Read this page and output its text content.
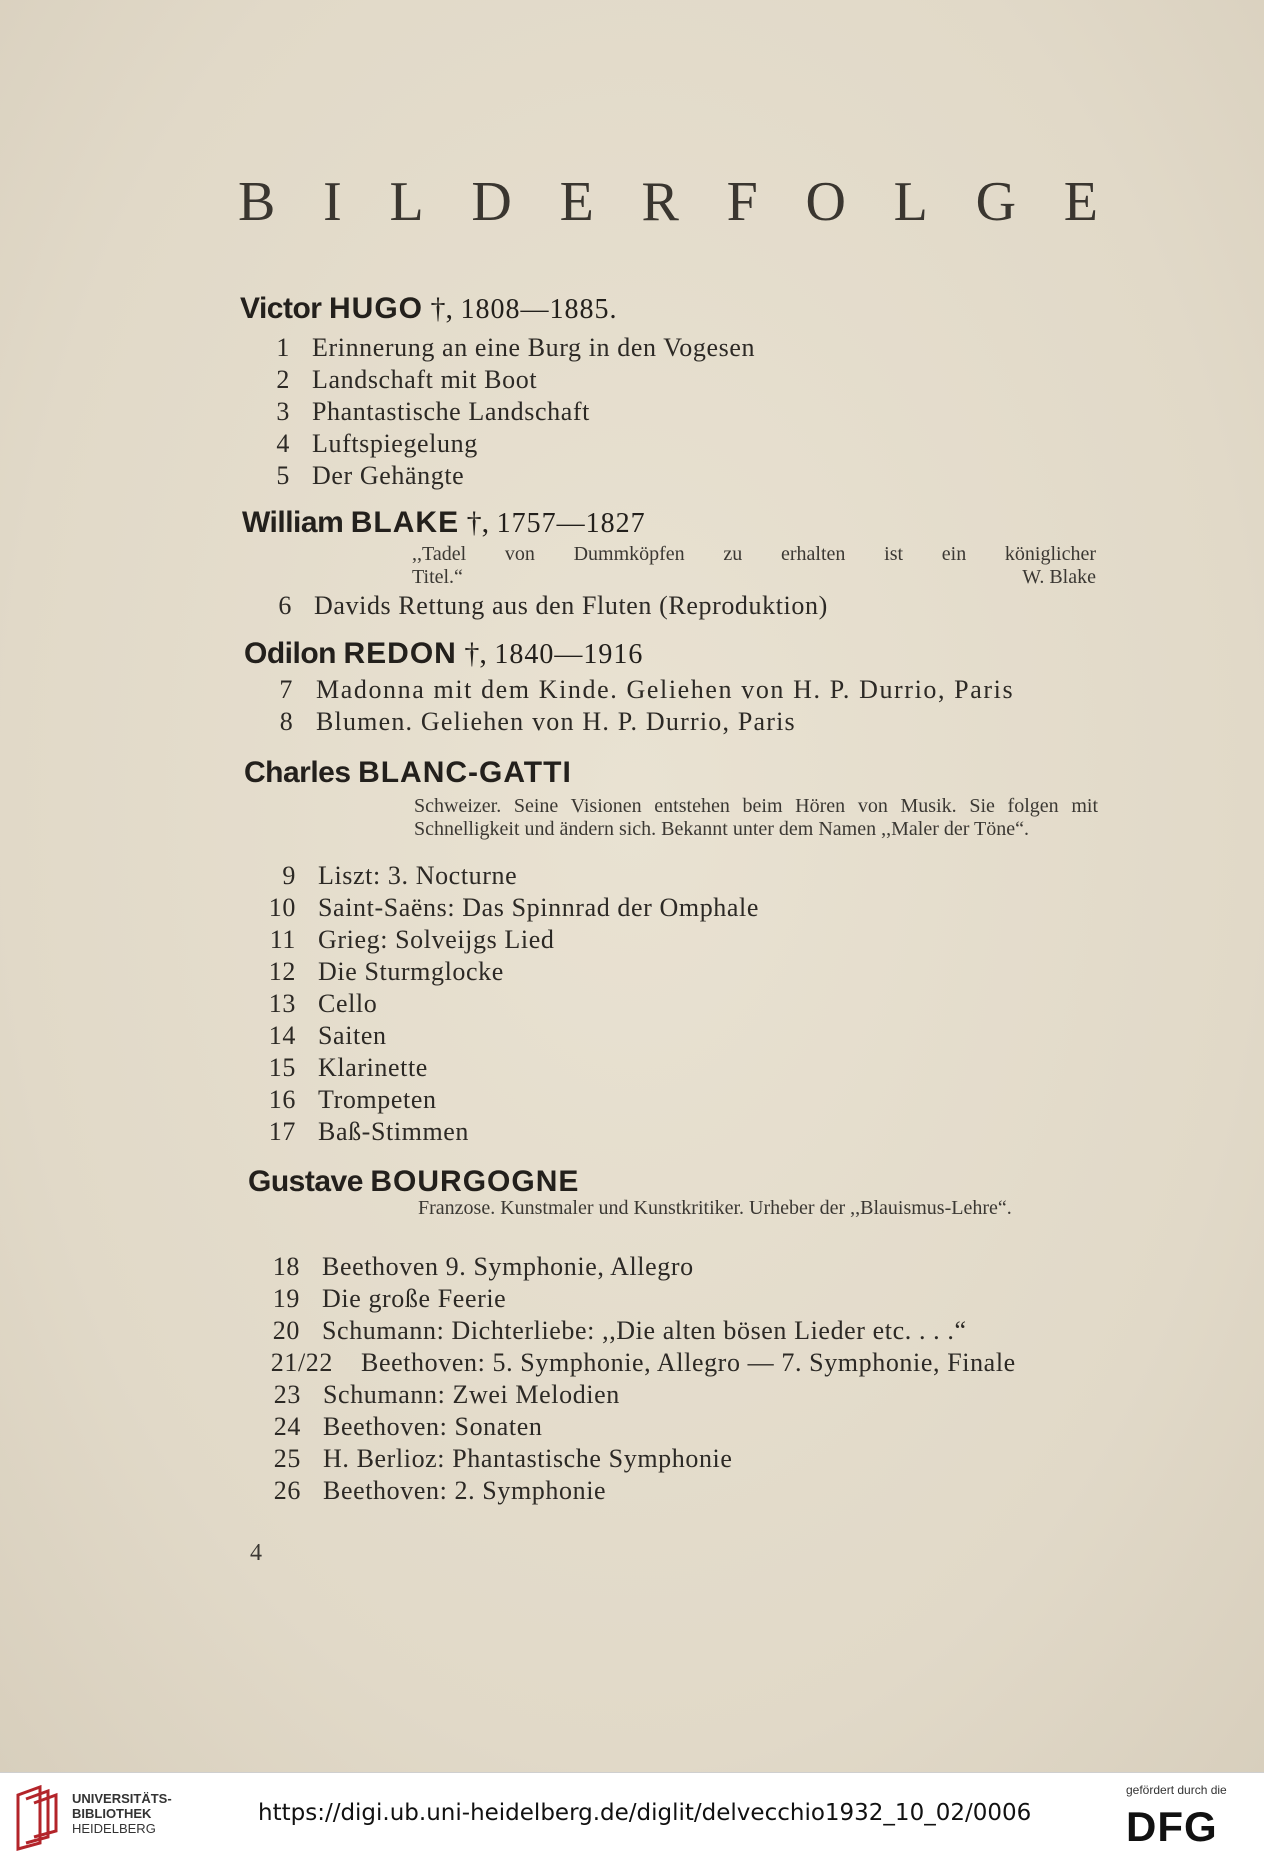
B I L D E R F O L G E
Victor HUGO †, 1808—1885.
1 Erinnerung an eine Burg in den Vogesen
2 Landschaft mit Boot
3 Phantastische Landschaft
4 Luftspiegelung
5 Der Gehängte
William BLAKE †, 1757—1827
,,Tadel von Dummköpfen zu erhalten ist ein königlicher
Titel.“	W. Blake
6 Davids Rettung aus den Fluten (Reproduktion)
Odilon REDON †, 1840—1916
7 Madonna mit dem Kinde. Geliehen von H. P. Durrio, Paris
8 Blumen. Geliehen von H. P. Durrio, Paris
Charles BLANC-GATTI
Schweizer. Seine Visionen entstehen beim Hören von Musik. Sie folgen mit Schnelligkeit und ändern sich. Bekannt unter dem Namen ,,Maler der Töne“.
9 Liszt: 3. Nocturne
10 Saint-Saëns: Das Spinnrad der Omphale
11 Grieg: Solveijgs Lied
12 Die Sturmglocke
13 Cello
14 Saiten
15 Klarinette
16 Trompeten
17 Baß-Stimmen
Gustave BOURGOGNE
Franzose. Kunstmaler und Kunstkritiker. Urheber der ,,Blauismus-Lehre“.
18 Beethoven 9. Symphonie, Allegro
19 Die große Feerie
20 Schumann: Dichterliebe: ,,Die alten bösen Lieder etc. . . .“
21/22 Beethoven: 5. Symphonie, Allegro — 7. Symphonie, Finale
23 Schumann: Zwei Melodien
24 Beethoven: Sonaten
25 H. Berlioz: Phantastische Symphonie
26 Beethoven: 2. Symphonie
4
UNIVERSITÄTS-
BIBLIOTHEK
HEIDELBERG
https://digi.ub.uni-heidelberg.de/diglit/delvecchio1932_10_02/0006
gefördert durch die
DFG
